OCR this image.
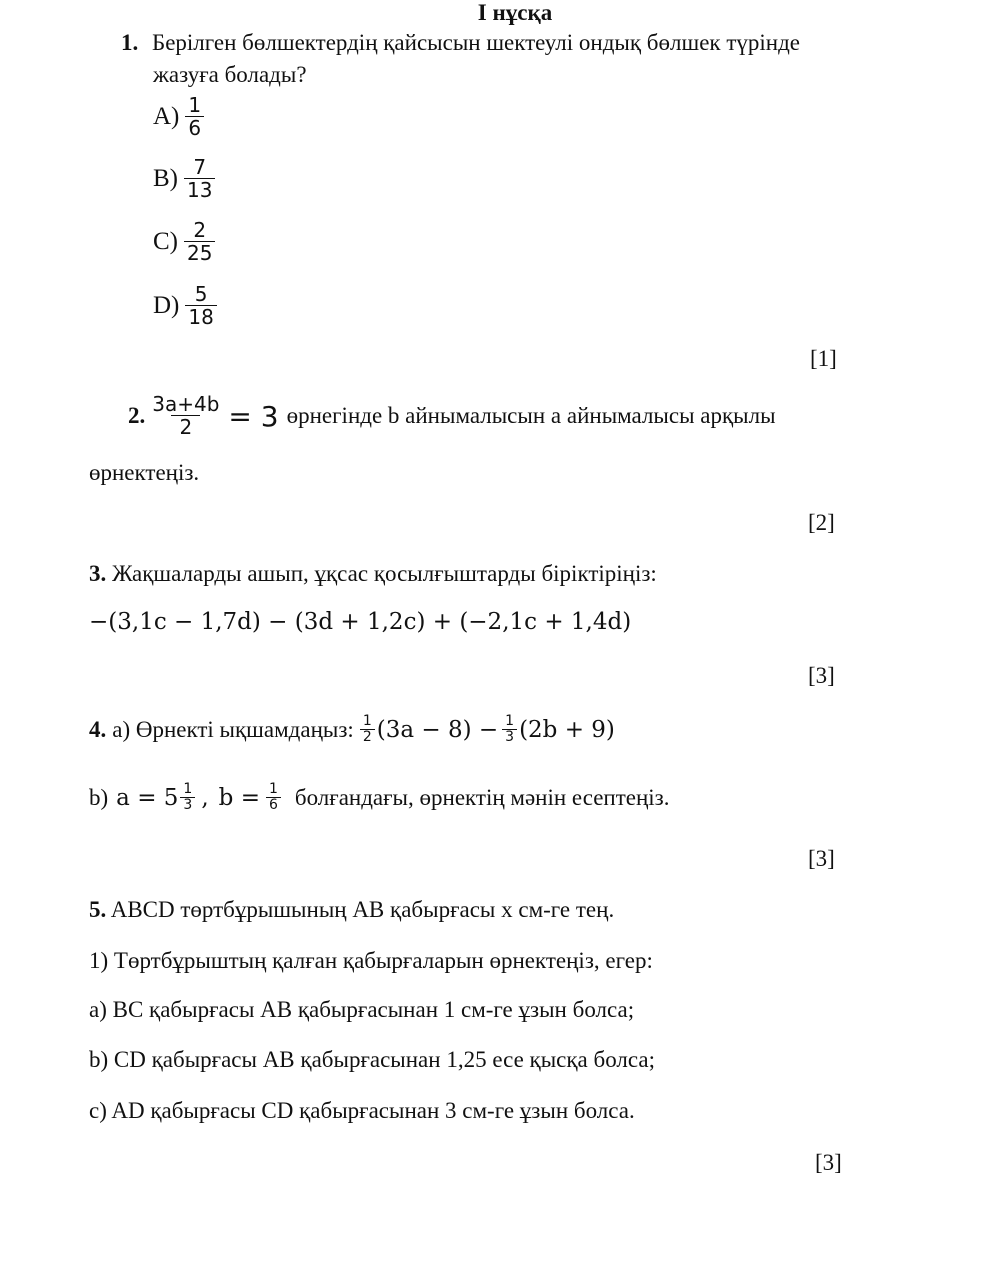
І нұсқа
1. Берілген бөлшектердің қайсысын шектеулі ондық бөлшек түрінде
жазуға болады?
$A) \frac{1}{6}$
$B) \frac{7}{13}$
$C) \frac{2}{25}$
$D) \frac{5}{18}$
[1]
2. $\frac{3a+4b}{2} = 3$ өрнегінде b айнымалысын a айнымалысы арқылы
өрнектеңіз.
[2]
3. Жақшаларды ашып, ұқсас қосылғыштарды біріктіріңіз:
−(3,1c − 1,7d) − (3d + 1,2c) + (−2,1c + 1,4d)
[3]
4. а) Өрнекті ықшамдаңыз: $\frac{1}{2} (3a - 8) - \frac{1}{3} (2b + 9)$
b) $a = 5 \frac{1}{3}$ , $b = \frac{1}{6}$ болғандағы, өрнектің мәнін есептеңіз.
[3]
5. ABCD төртбұрышының AB қабырғасы x см-ге тең.
1) Төртбұрыштың қалған қабырғаларын өрнектеңіз, егер:
а) BC қабырғасы AB қабырғасынан 1 см-ге ұзын болса;
b) CD қабырғасы AB қабырғасынан 1,25 есе қысқа болса;
c) AD қабырғасы CD қабырғасынан 3 см-ге ұзын болса.
[3]
